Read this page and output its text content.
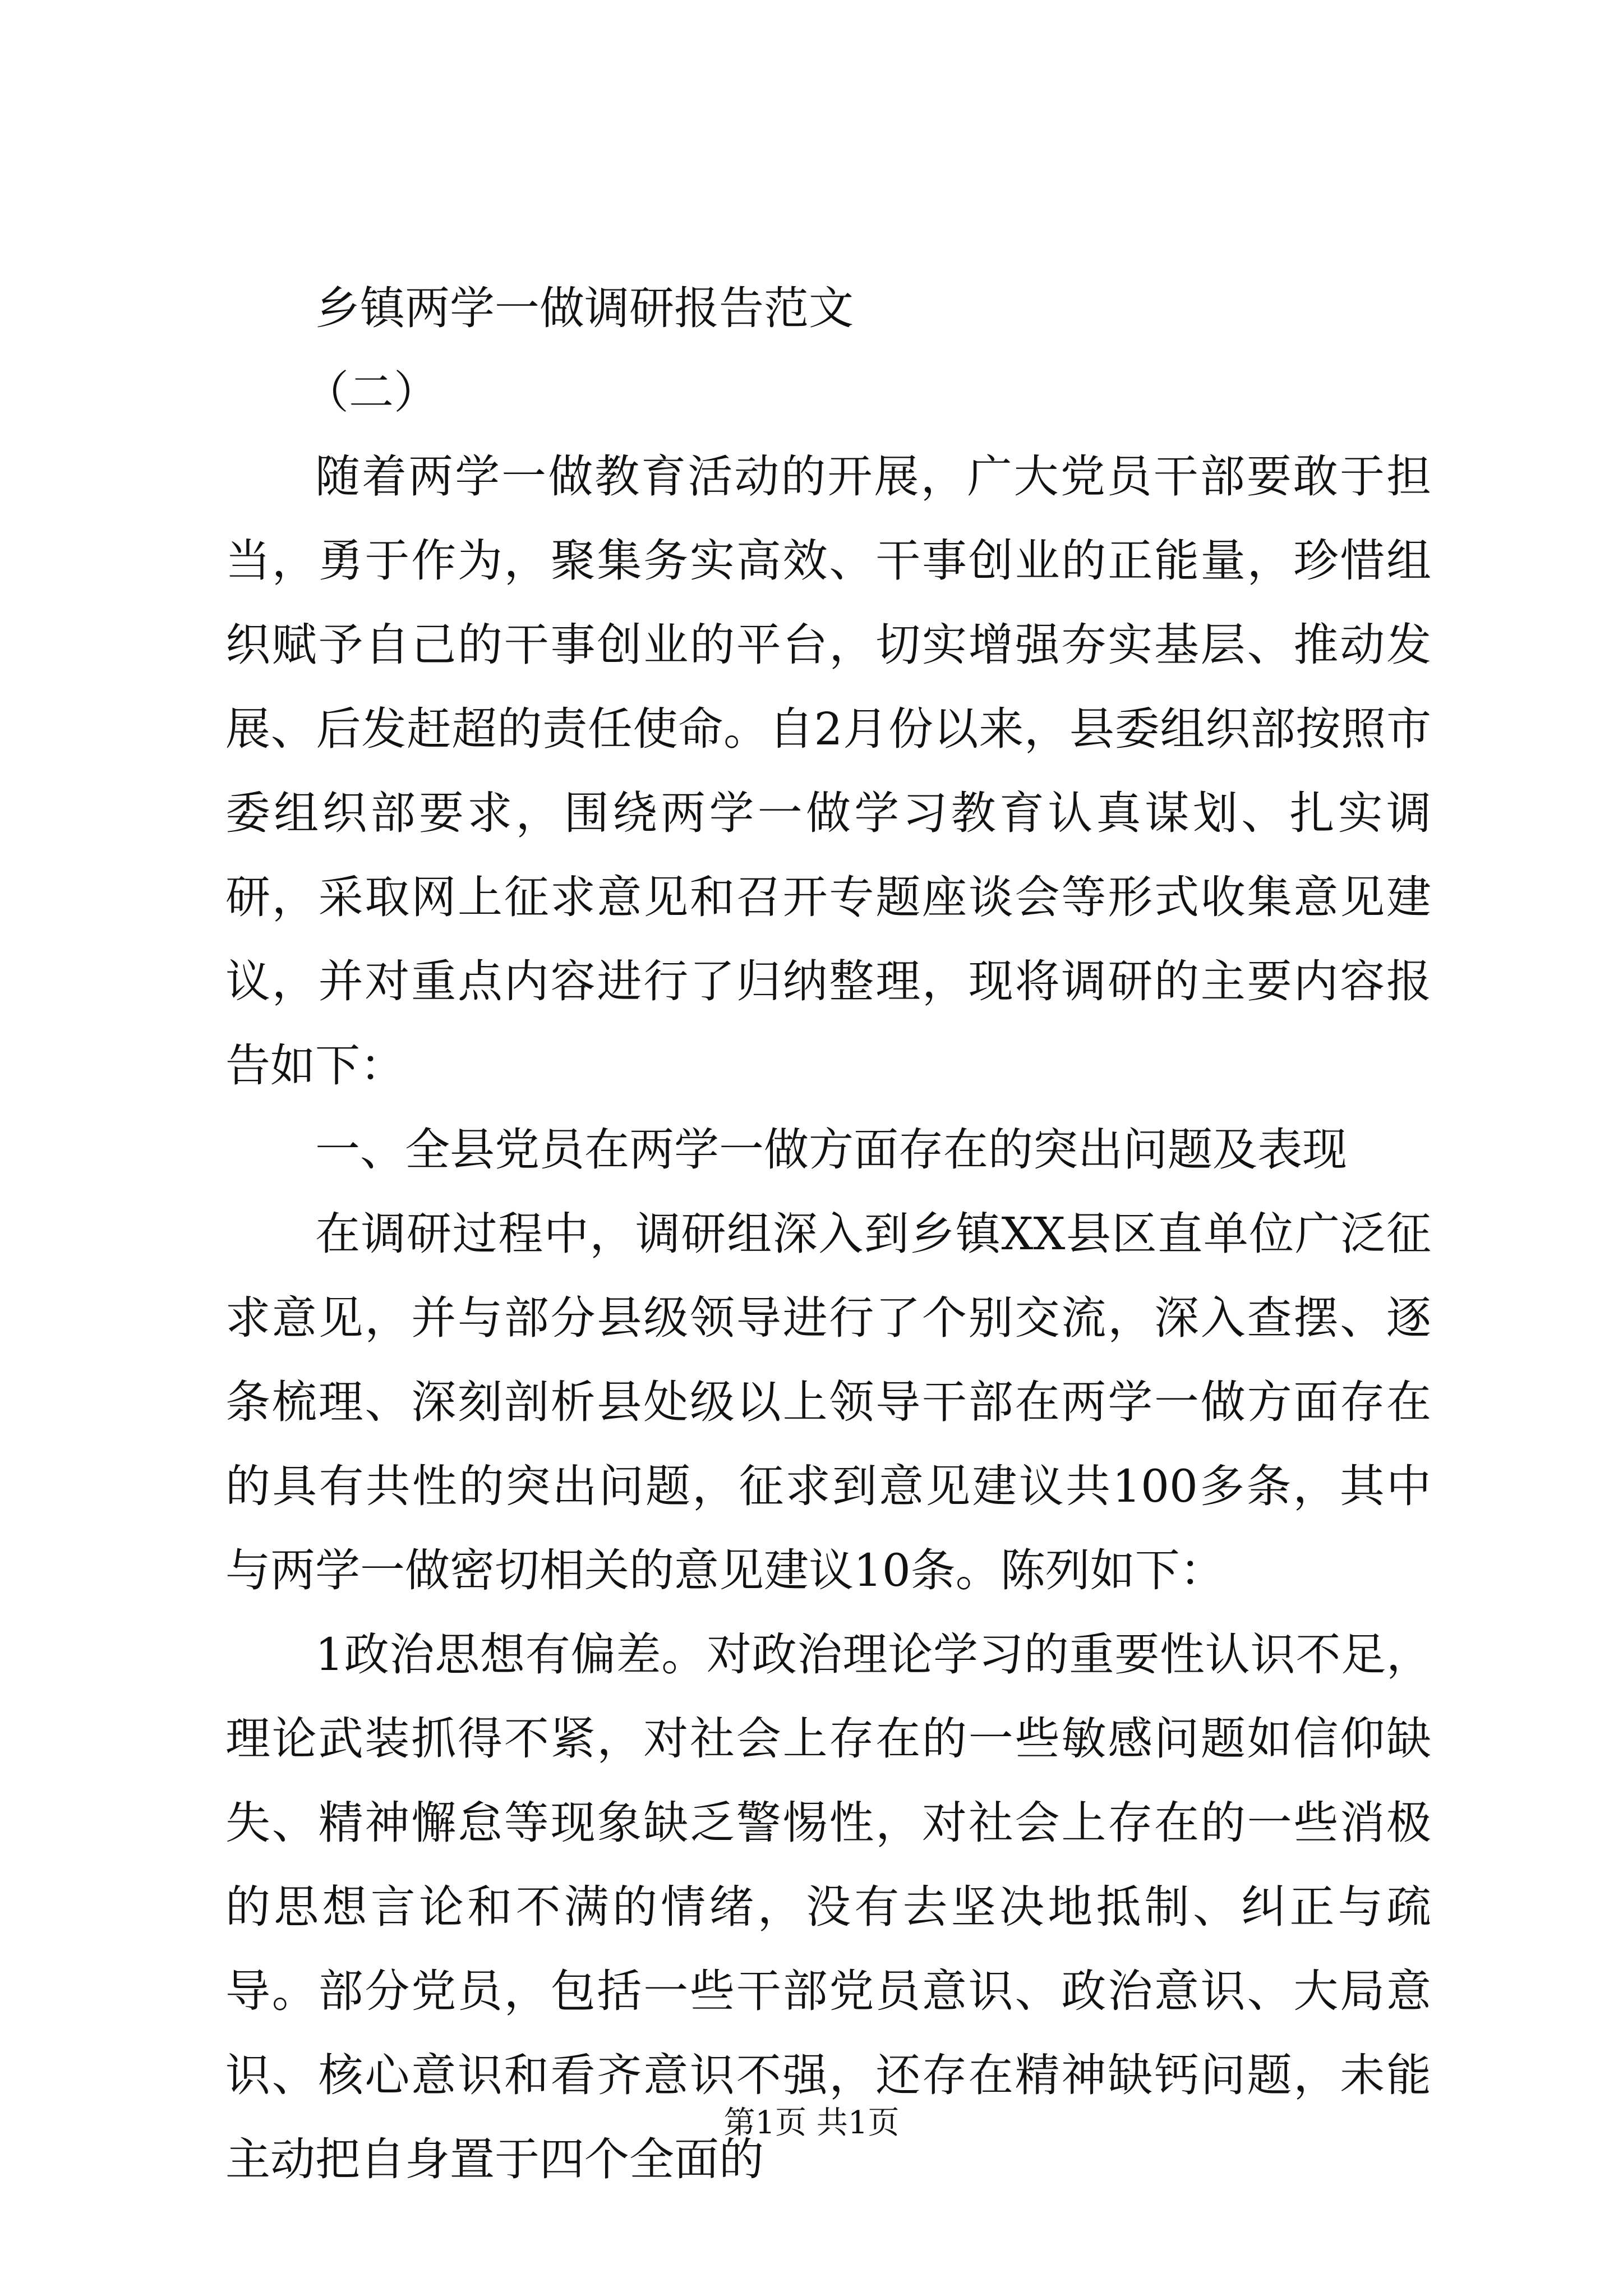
乡镇两学一做调研报告范文
（二）

随着两学一做教育活动的开展，广大党员干部要敢于担当，勇于作为，聚集务实高效、干事创业的正能量，珍惜组织赋予自己的干事创业的平台，切实增强夯实基层、推动发展、后发赶超的责任使命。自2月份以来，县委组织部按照市委组织部要求，围绕两学一做学习教育认真谋划、扎实调研，采取网上征求意见和召开专题座谈会等形式收集意见建议，并对重点内容进行了归纳整理，现将调研的主要内容报告如下：

一、全县党员在两学一做方面存在的突出问题及表现

在调研过程中，调研组深入到乡镇XX县区直单位广泛征求意见，并与部分县级领导进行了个别交流，深入查摆、逐条梳理、深刻剖析县处级以上领导干部在两学一做方面存在的具有共性的突出问题，征求到意见建议共100多条，其中与两学一做密切相关的意见建议10条。陈列如下：

1政治思想有偏差。对政治理论学习的重要性认识不足，理论武装抓得不紧，对社会上存在的一些敏感问题如信仰缺失、精神懈怠等现象缺乏警惕性，对社会上存在的一些消极的思想言论和不满的情绪，没有去坚决地抵制、纠正与疏导。部分党员，包括一些干部党员意识、政治意识、大局意识、核心意识和看齐意识不强，还存在精神缺钙问题，未能主动把自身置于四个全面的

第1页 共1页
